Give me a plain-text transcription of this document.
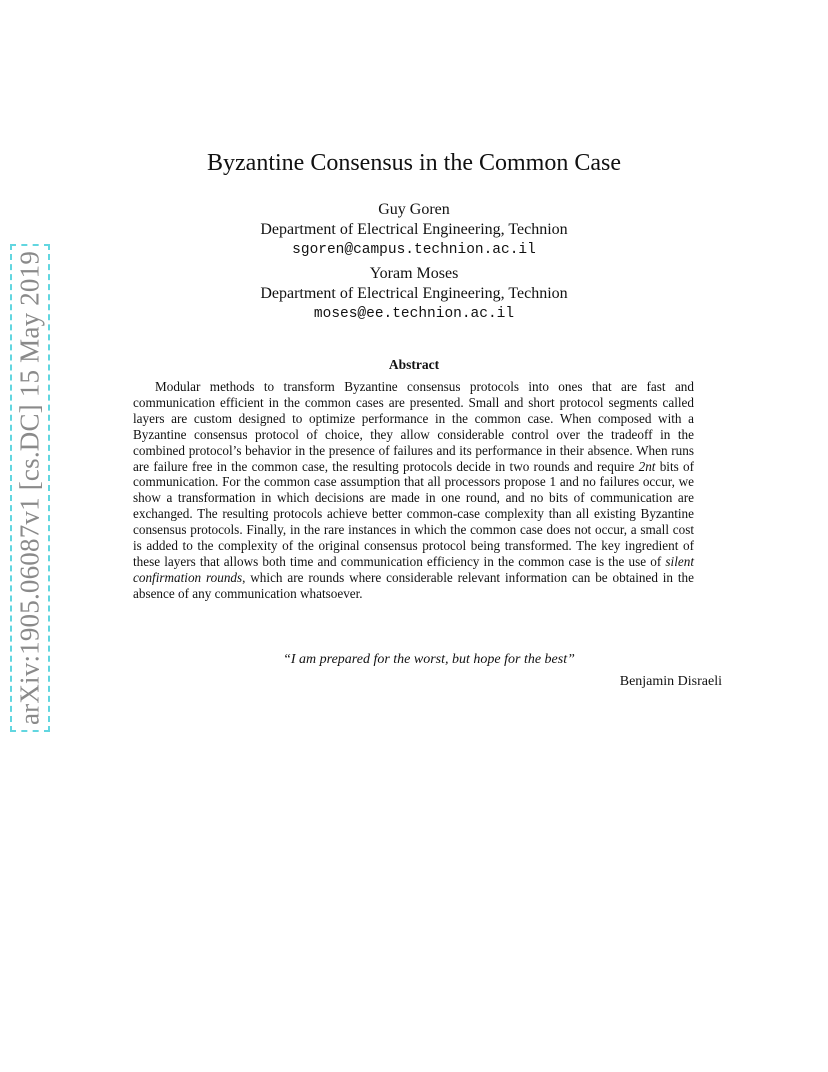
arXiv:1905.06087v1 [cs.DC] 15 May 2019
Byzantine Consensus in the Common Case
Guy Goren
Department of Electrical Engineering, Technion
sgoren@campus.technion.ac.il
Yoram Moses
Department of Electrical Engineering, Technion
moses@ee.technion.ac.il
Abstract

Modular methods to transform Byzantine consensus protocols into ones that are fast and communication efficient in the common cases are presented. Small and short protocol segments called layers are custom designed to optimize performance in the common case. When composed with a Byzantine consensus protocol of choice, they allow considerable control over the tradeoff in the combined protocol’s behavior in the presence of failures and its performance in their absence. When runs are failure free in the common case, the resulting protocols decide in two rounds and require 2nt bits of communication. For the common case assumption that all processors propose 1 and no failures occur, we show a transformation in which decisions are made in one round, and no bits of communication are exchanged. The resulting protocols achieve better common-case complexity than all existing Byzantine consensus protocols. Finally, in the rare instances in which the common case does not occur, a small cost is added to the complexity of the original consensus protocol being transformed. The key ingredient of these layers that allows both time and communication efficiency in the common case is the use of silent confirmation rounds, which are rounds where considerable relevant information can be obtained in the absence of any communication whatsoever.

“I am prepared for the worst, but hope for the best”
Benjamin Disraeli
